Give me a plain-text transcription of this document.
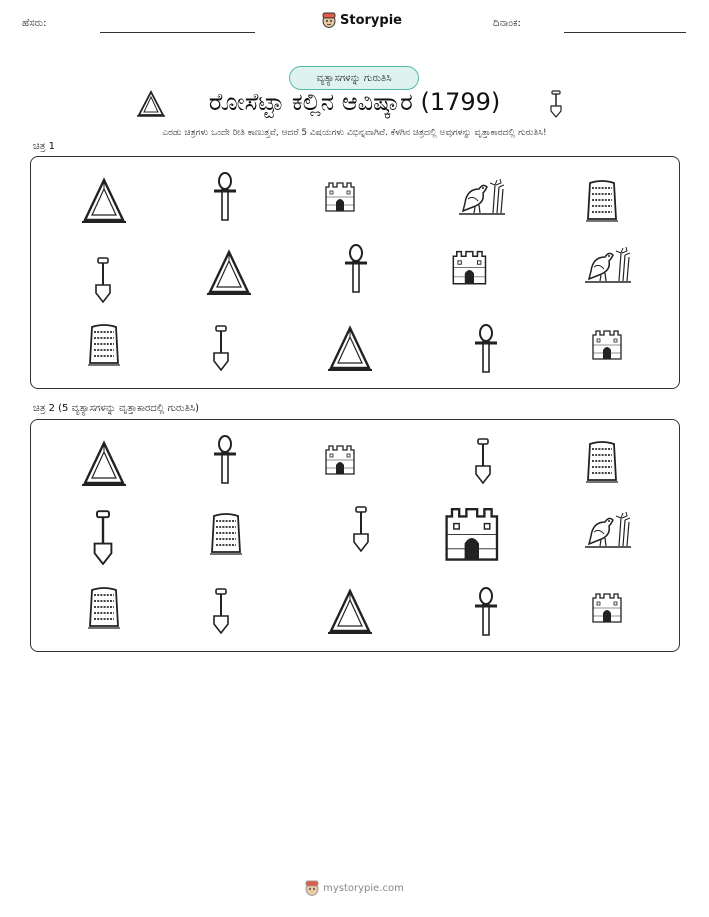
ಹೆಸರು:	Storypie	ದಿನಾಂಕ:
ವ್ಯತ್ಯಾಸಗಳನ್ನು ಗುರುತಿಸಿ
ರೋಸೆಟ್ಟಾ ಕಲ್ಲಿನ ಆವಿಷ್ಕಾರ (1799)
ಎರಡು ಚಿತ್ರಗಳು ಒಂದೇ ರೀತಿ ಕಾಣುತ್ತವೆ, ಆದರೆ 5 ವಿಷಯಗಳು ವಿಭಿನ್ನವಾಗಿವೆ. ಕೆಳಗಿನ ಚಿತ್ರದಲ್ಲಿ ಅವುಗಳನ್ನು ವೃತ್ತಾಕಾರದಲ್ಲಿ ಗುರುತಿಸಿ!
ಚಿತ್ರ 1
ಚಿತ್ರ 2 (5 ವ್ಯತ್ಯಾಸಗಳನ್ನು ವೃತ್ತಾಕಾರದಲ್ಲಿ ಗುರುತಿಸಿ)
mystorypie.com
